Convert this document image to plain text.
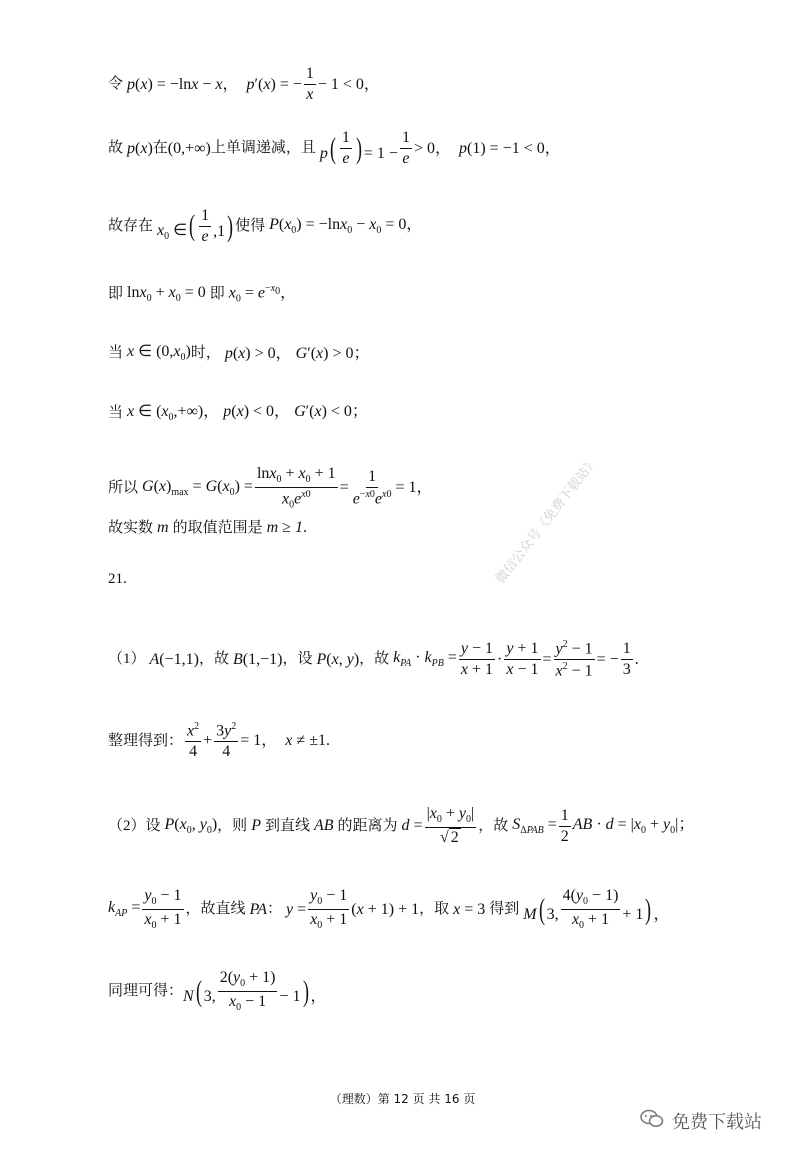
令 p(x) = −lnx − x，  p′(x) = − $\frac{1}{x} - 1 < 0$，
故 p(x) 在 (0,+∞) 上单调递减，且 $p( \frac{1}{e}$ ) = $1 - \frac{1}{e} > 0$，  p(1) = −1 < 0，
故存在 $x_0$ ∈( $\frac{1}{e} ,1$) 使得 $P(x_0) = -\ln x_0 - x_0 = 0$，
即 $\ln x_0 + x_0 = 0$ 即 $x_0 = e^{-x_0}$，
当 x ∈ $(0,x_0)$ 时， p(x) > 0， G′(x) > 0；
当 x ∈ $(x_0,+\infty)$， p(x) < 0， G′(x) < 0；
所以 $G(x)_{max} = G(x_0) = \frac{\ln x_0 + x_0 + 1}{x_0e^{x0}} = \frac{1}{e^{-x0}e^{x0}} = 1$，
故实数 m 的取值范围是 m ≥ 1.
21.
（1） A(−1,1) ，故 B(1,−1) ，设 P(x, y) ，故 $k_{PA} \cdot k_{PB} = \frac{y - 1}{x + 1} \cdot \frac{y + 1}{x - 1} = \frac{y^2 - 1}{x^2 - 1}$ = − $\frac{1}{3}$ .
整理得到： $\frac{x^2}{4} + \frac{3y^2}{4} = 1$，  x ≠ ±1.
（2）设 $P(x_0$, $y_0$) ，则 P 到直线 AB 的距离为 $d = \frac{|x_0 + y_0|}{√ 2}$ ，故 $S_{\Delta PAB} = \frac{1}{2}$ AB · $d = |x_0 + y_0|$；
$k_{AP} = \frac{y_0 - 1}{x_0 + 1}$ ，故直线 PA ： $y = \frac{y_0 - 1}{x_0 + 1} (x + 1) + 1$ ，取 x = 3 得到 M( 3, $\frac{4(y_0 - 1)}{x_0 + 1} + 1$) ，
同理可得： N( 3, $\frac{2(y_0 + 1)}{x_0 - 1} - 1$) ，
微信公众号《免费下载站》
（理数）第 12 页 共 16 页
免费下载站
